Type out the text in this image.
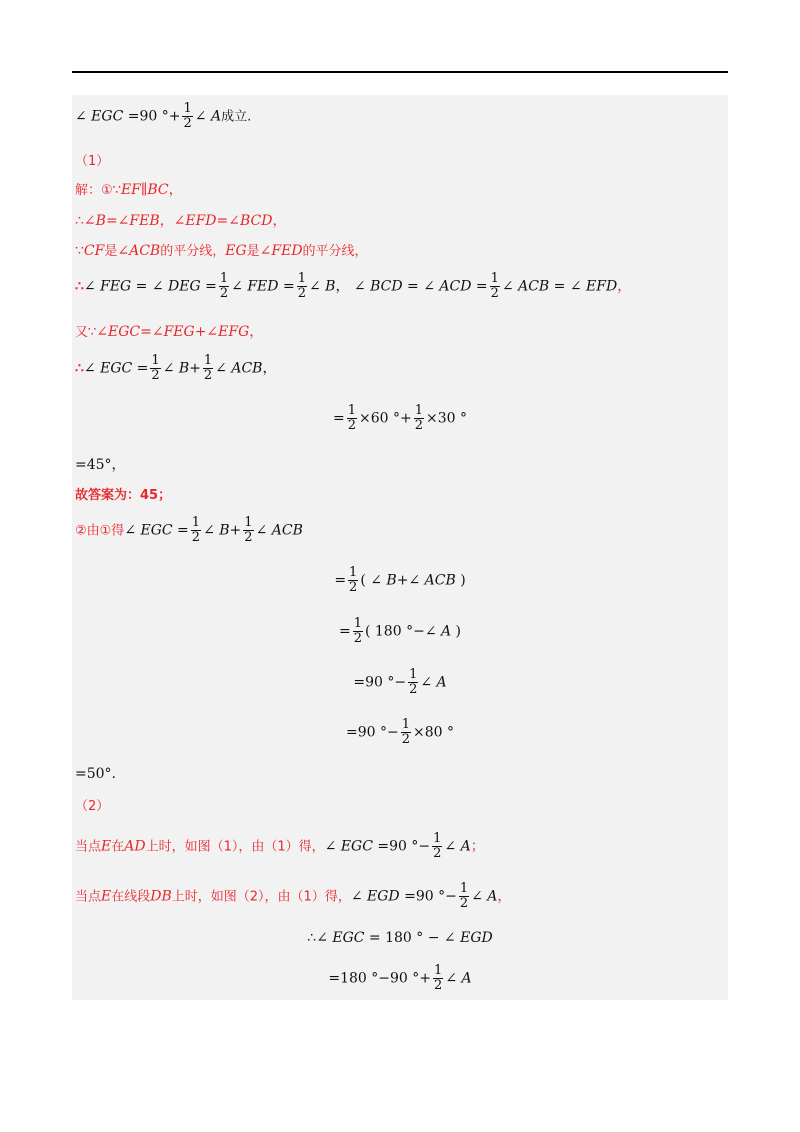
∠ EGC =90 °+ $\frac{1}{2}$ ∠ A成立.
（1）
解：①∵EF∥BC，
∴∠B=∠FEB，∠EFD=∠BCD，
∵CF是∠ACB的平分线，EG是∠FED的平分线，
∴∠ FEG = ∠ DEG = $\frac{1}{2}$ ∠ FED = $\frac{1}{2}$ ∠ B， ∠ BCD = ∠ ACD = $\frac{1}{2}$ ∠ ACB = ∠ EFD，
又∵∠EGC=∠FEG+∠EFG，
∴∠ EGC = $\frac{1}{2}$ ∠ $B+ \frac{1}{2}$ ∠ ACB，
= $\frac{1}{2} \times 60$ °+ $\frac{1}{2} \times 30$ °
=45°，
故答案为：45；
②由①得∠ EGC = $\frac{1}{2}$ ∠ $B+ \frac{1}{2}$ ∠ ACB
= $\frac{1}{2}$ ( ∠ B+∠ ACB )
= $\frac{1}{2}$ ( 180 °−∠ A )
=90 °− $\frac{1}{2}$ ∠ A
=90 °− $\frac{1}{2} \times 80$ °
=50°.
（2）
当点E在AD上时，如图（1），由（1）得，∠ EGC =90 °− $\frac{1}{2}$ ∠ A；
当点E在线段DB上时，如图（2），由（1）得，∠ EGD =90 °− $\frac{1}{2}$ ∠ A，
∴∠ EGC = 180 ° − ∠ EGD
=180 °−90 °+ $\frac{1}{2}$ ∠ A
